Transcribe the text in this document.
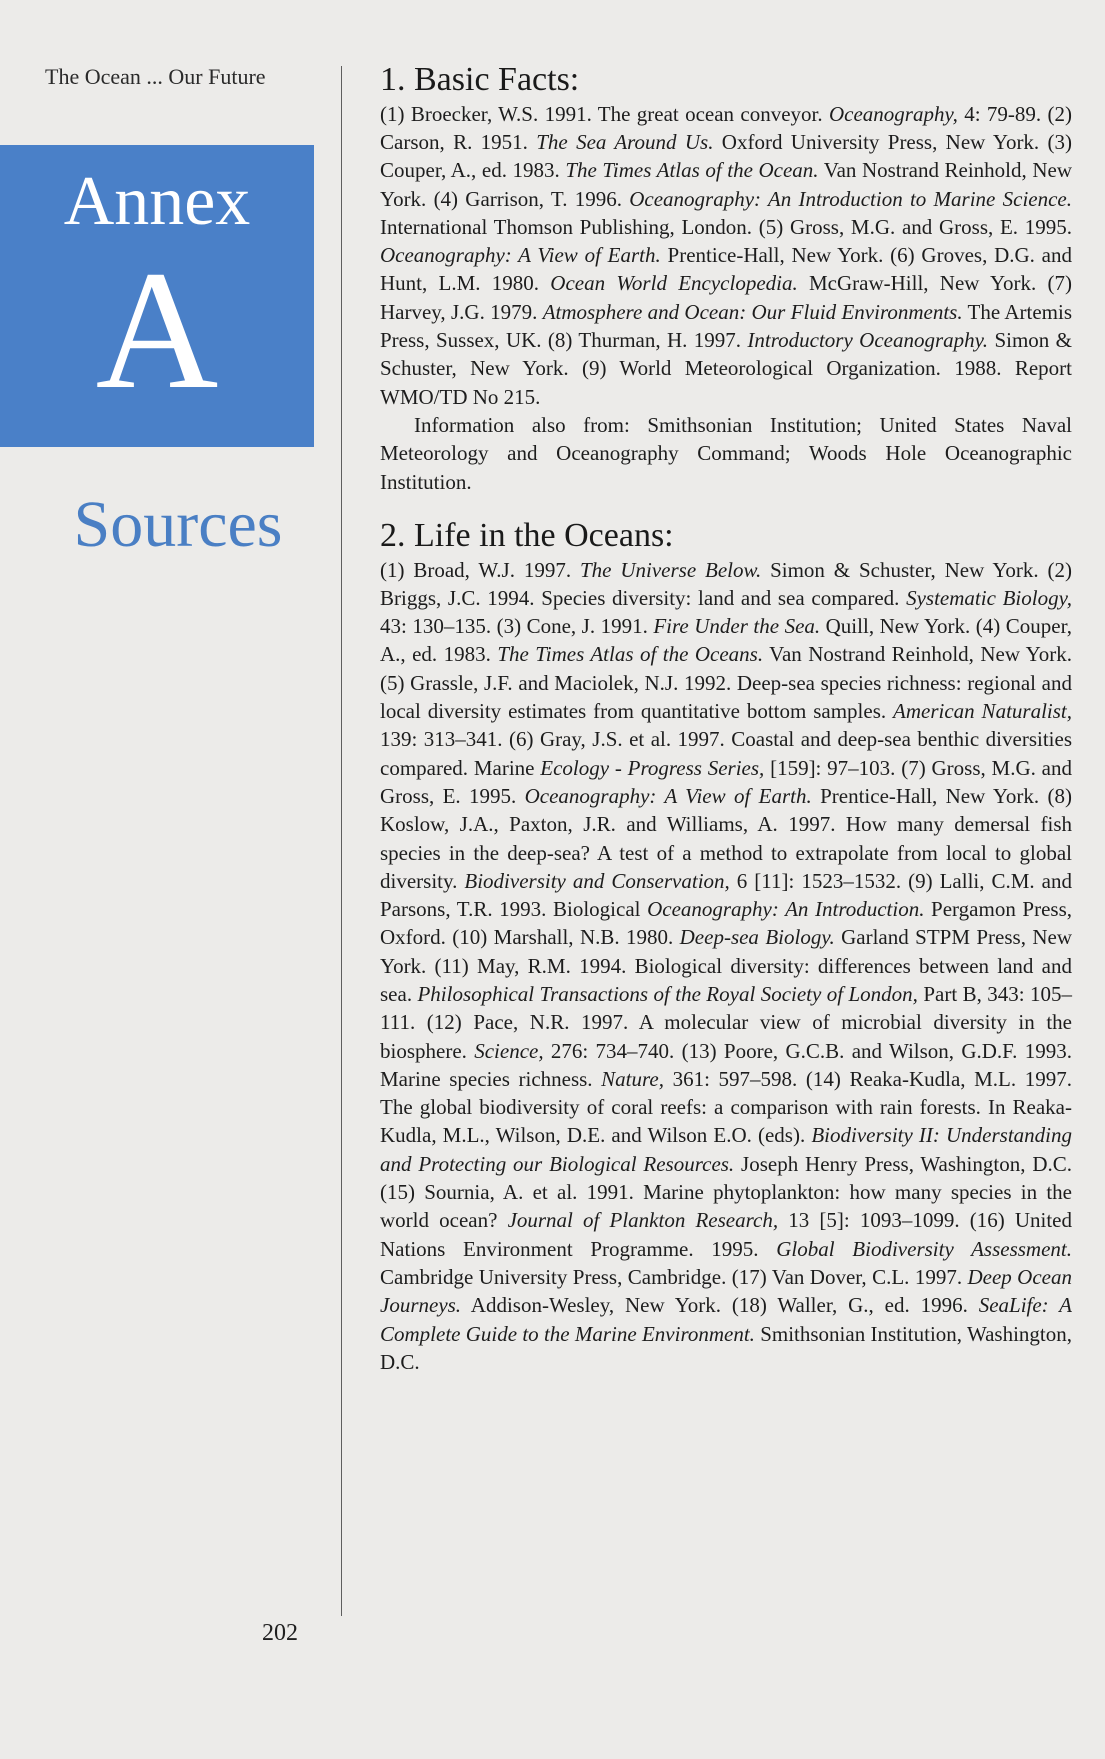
The Ocean ... Our Future
Annex
A
Sources
202
1. Basic Facts:

(1) Broecker, W.S. 1991. The great ocean conveyor. Oceanography, 4: 79-89. (2) Carson, R. 1951. The Sea Around Us. Oxford University Press, New York. (3) Couper, A., ed. 1983. The Times Atlas of the Ocean. Van Nostrand Reinhold, New York. (4) Garrison, T. 1996. Oceanography: An Introduction to Marine Science. International Thomson Publishing, London. (5) Gross, M.G. and Gross, E. 1995. Oceanography: A View of Earth. Prentice-Hall, New York. (6) Groves, D.G. and Hunt, L.M. 1980. Ocean World Encyclopedia. McGraw-Hill, New York. (7) Harvey, J.G. 1979. Atmosphere and Ocean: Our Fluid Environments. The Artemis Press, Sussex, UK. (8) Thurman, H. 1997. Introductory Oceanography. Simon & Schuster, New York. (9) World Meteorological Organization. 1988. Report WMO/TD No 215.

Information also from: Smithsonian Institution; United States Naval Meteorology and Oceanography Command; Woods Hole Oceanographic Institution.

2. Life in the Oceans:

(1) Broad, W.J. 1997. The Universe Below. Simon & Schuster, New York. (2) Briggs, J.C. 1994. Species diversity: land and sea compared. Systematic Biology, 43: 130–135. (3) Cone, J. 1991. Fire Under the Sea. Quill, New York. (4) Couper, A., ed. 1983. The Times Atlas of the Oceans. Van Nostrand Reinhold, New York. (5) Grassle, J.F. and Maciolek, N.J. 1992. Deep-sea species richness: regional and local diversity estimates from quantitative bottom samples. American Naturalist, 139: 313–341. (6) Gray, J.S. et al. 1997. Coastal and deep-sea benthic diversities compared. Marine Ecology - Progress Series, [159]: 97–103. (7) Gross, M.G. and Gross, E. 1995. Oceanography: A View of Earth. Prentice-Hall, New York. (8) Koslow, J.A., Paxton, J.R. and Williams, A. 1997. How many demersal fish species in the deep-sea? A test of a method to extrapolate from local to global diversity. Biodiversity and Conservation, 6 [11]: 1523–1532. (9) Lalli, C.M. and Parsons, T.R. 1993. Biological Oceanography: An Introduction. Pergamon Press, Oxford. (10) Marshall, N.B. 1980. Deep-sea Biology. Garland STPM Press, New York. (11) May, R.M. 1994. Biological diversity: differences between land and sea. Philosophical Transactions of the Royal Society of London, Part B, 343: 105–111. (12) Pace, N.R. 1997. A molecular view of microbial diversity in the biosphere. Science, 276: 734–740. (13) Poore, G.C.B. and Wilson, G.D.F. 1993. Marine species richness. Nature, 361: 597–598. (14) Reaka-Kudla, M.L. 1997. The global biodiversity of coral reefs: a comparison with rain forests. In Reaka-Kudla, M.L., Wilson, D.E. and Wilson E.O. (eds). Biodiversity II: Understanding and Protecting our Biological Resources. Joseph Henry Press, Washington, D.C. (15) Sournia, A. et al. 1991. Marine phytoplankton: how many species in the world ocean? Journal of Plankton Research, 13 [5]: 1093–1099. (16) United Nations Environment Programme. 1995. Global Biodiversity Assessment. Cambridge University Press, Cambridge. (17) Van Dover, C.L. 1997. Deep Ocean Journeys. Addison-Wesley, New York. (18) Waller, G., ed. 1996. SeaLife: A Complete Guide to the Marine Environment. Smithsonian Institution, Washington, D.C.
